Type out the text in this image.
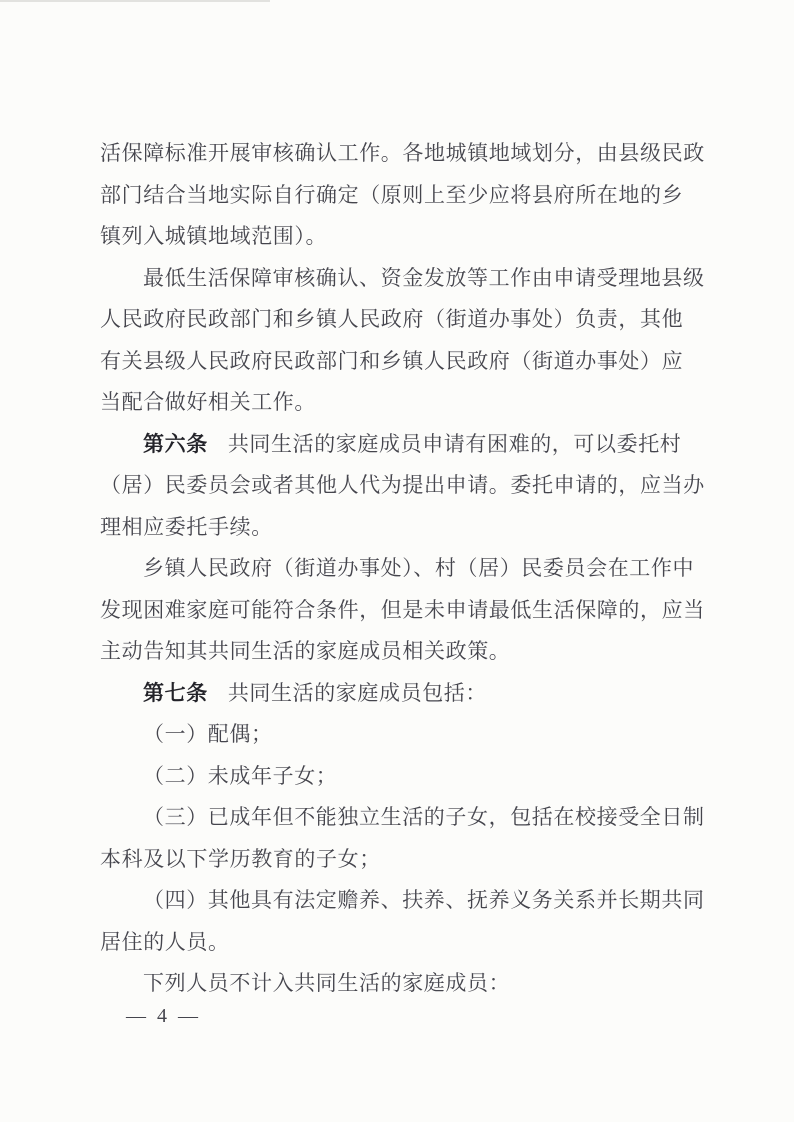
活保障标准开展审核确认工作。各地城镇地域划分，由县级民政
部门结合当地实际自行确定（原则上至少应将县府所在地的乡
镇列入城镇地域范围）。
最低生活保障审核确认、资金发放等工作由申请受理地县级
人民政府民政部门和乡镇人民政府（街道办事处）负责，其他
有关县级人民政府民政部门和乡镇人民政府（街道办事处）应
当配合做好相关工作。
第六条 共同生活的家庭成员申请有困难的，可以委托村
（居）民委员会或者其他人代为提出申请。委托申请的，应当办
理相应委托手续。
乡镇人民政府（街道办事处）、村（居）民委员会在工作中
发现困难家庭可能符合条件，但是未申请最低生活保障的，应当
主动告知其共同生活的家庭成员相关政策。
第七条 共同生活的家庭成员包括：
（一）配偶；
（二）未成年子女；
（三）已成年但不能独立生活的子女，包括在校接受全日制
本科及以下学历教育的子女；
（四）其他具有法定赡养、扶养、抚养义务关系并长期共同
居住的人员。
下列人员不计入共同生活的家庭成员：
— 4 —
